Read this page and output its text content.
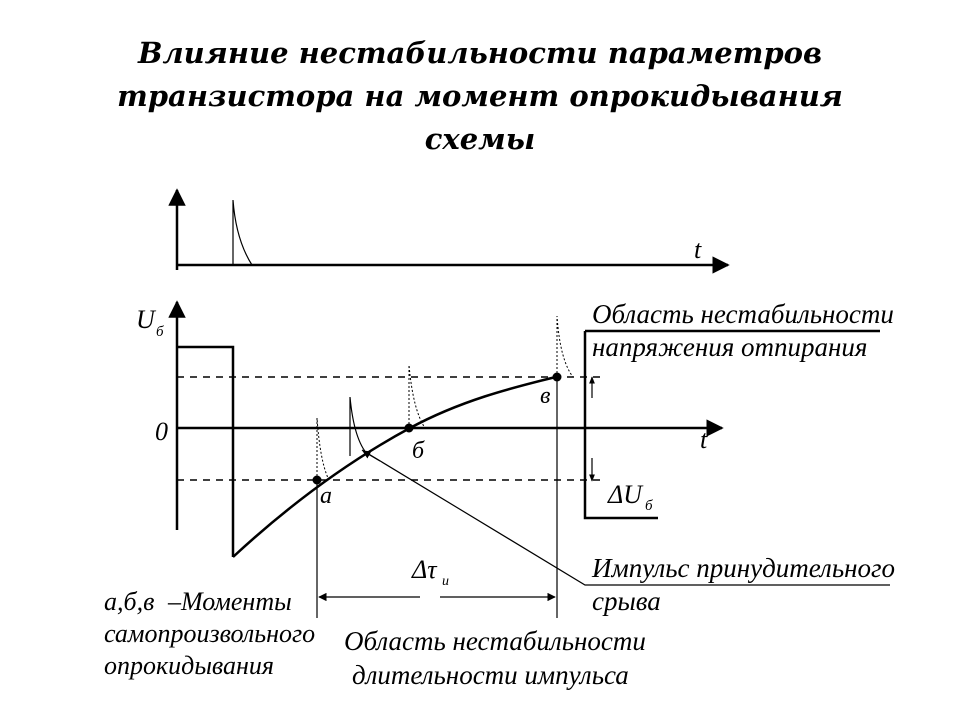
Влияние нестабильности параметров
транзистора на момент опрокидывания
схемы
t
U б
0	t
а
б
в
Область нестабильности
напряжения отпирания
ΔU б
Импульс принудительного
срыва
Δτ и
а,б,в –Моменты
самопроизвольного
опрокидывания
Область нестабильности
длительности импульса
